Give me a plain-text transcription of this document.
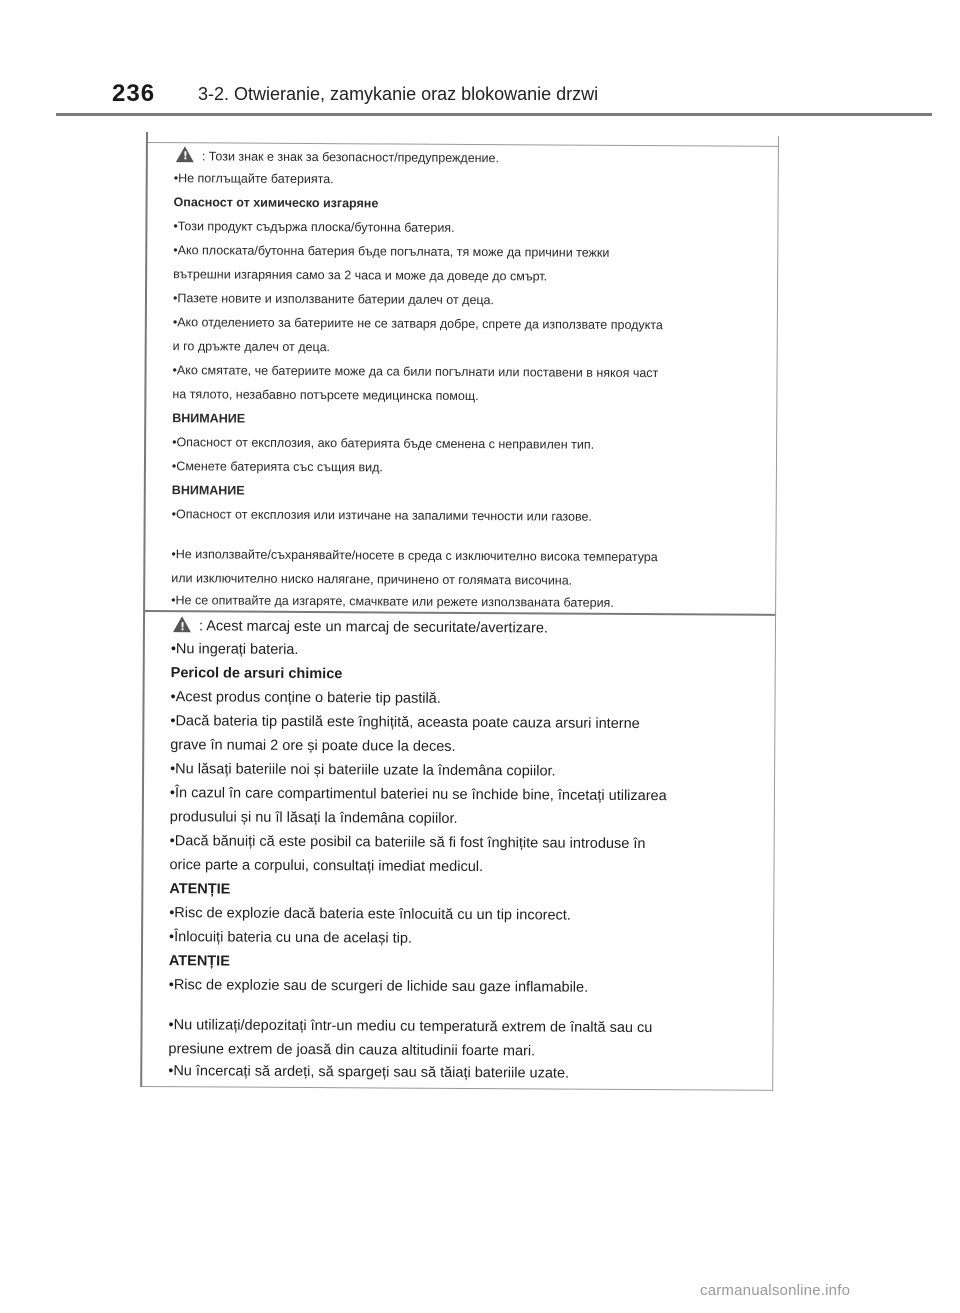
236 3-2. Otwieranie, zamykanie oraz blokowanie drzwi
!: Този знак е знак за безопасност/предупреждение.
•Не поглъщайте батерията.
Опасност от химическо изгаряне
•Този продукт съдържа плоска/бутонна батерия.
•Ако плоската/бутонна батерия бъде погълната, тя може да причини тежки
вътрешни изгаряния само за 2 часа и може да доведе до смърт.
•Пазете новите и използваните батерии далеч от деца.
•Ако отделението за батериите не се затваря добре, спрете да използвате продукта
и го дръжте далеч от деца.
•Ако смятате, че батериите може да са били погълнати или поставени в някоя част
на тялото, незабавно потърсете медицинска помощ.
ВНИМАНИЕ
•Опасност от експлозия, ако батерията бъде сменена с неправилен тип.
•Сменете батерията със същия вид.
ВНИМАНИЕ
•Опасност от експлозия или изтичане на запалими течности или газове.
•Не използвайте/съхранявайте/носете в среда с изключително висока температура
или изключително ниско налягане, причинено от голямата височина.
•Не се опитвайте да изгаряте, смачквате или режете използваната батерия.
!: Acest marcaj este un marcaj de securitate/avertizare.
•Nu ingerați bateria.
Pericol de arsuri chimice
•Acest produs conține o baterie tip pastilă.
•Dacă bateria tip pastilă este înghițită, aceasta poate cauza arsuri interne
grave în numai 2 ore și poate duce la deces.
•Nu lăsați bateriile noi și bateriile uzate la îndemâna copiilor.
•În cazul în care compartimentul bateriei nu se închide bine, încetați utilizarea
produsului și nu îl lăsați la îndemâna copiilor.
•Dacă bănuiți că este posibil ca bateriile să fi fost înghițite sau introduse în
orice parte a corpului, consultați imediat medicul.
ATENȚIE
•Risc de explozie dacă bateria este înlocuită cu un tip incorect.
•Înlocuiți bateria cu una de același tip.
ATENȚIE
•Risc de explozie sau de scurgeri de lichide sau gaze inflamabile.
•Nu utilizați/depozitați într-un mediu cu temperatură extrem de înaltă sau cu
presiune extrem de joasă din cauza altitudinii foarte mari.
•Nu încercați să ardeți, să spargeți sau să tăiați bateriile uzate.
carmanualsonline.info
